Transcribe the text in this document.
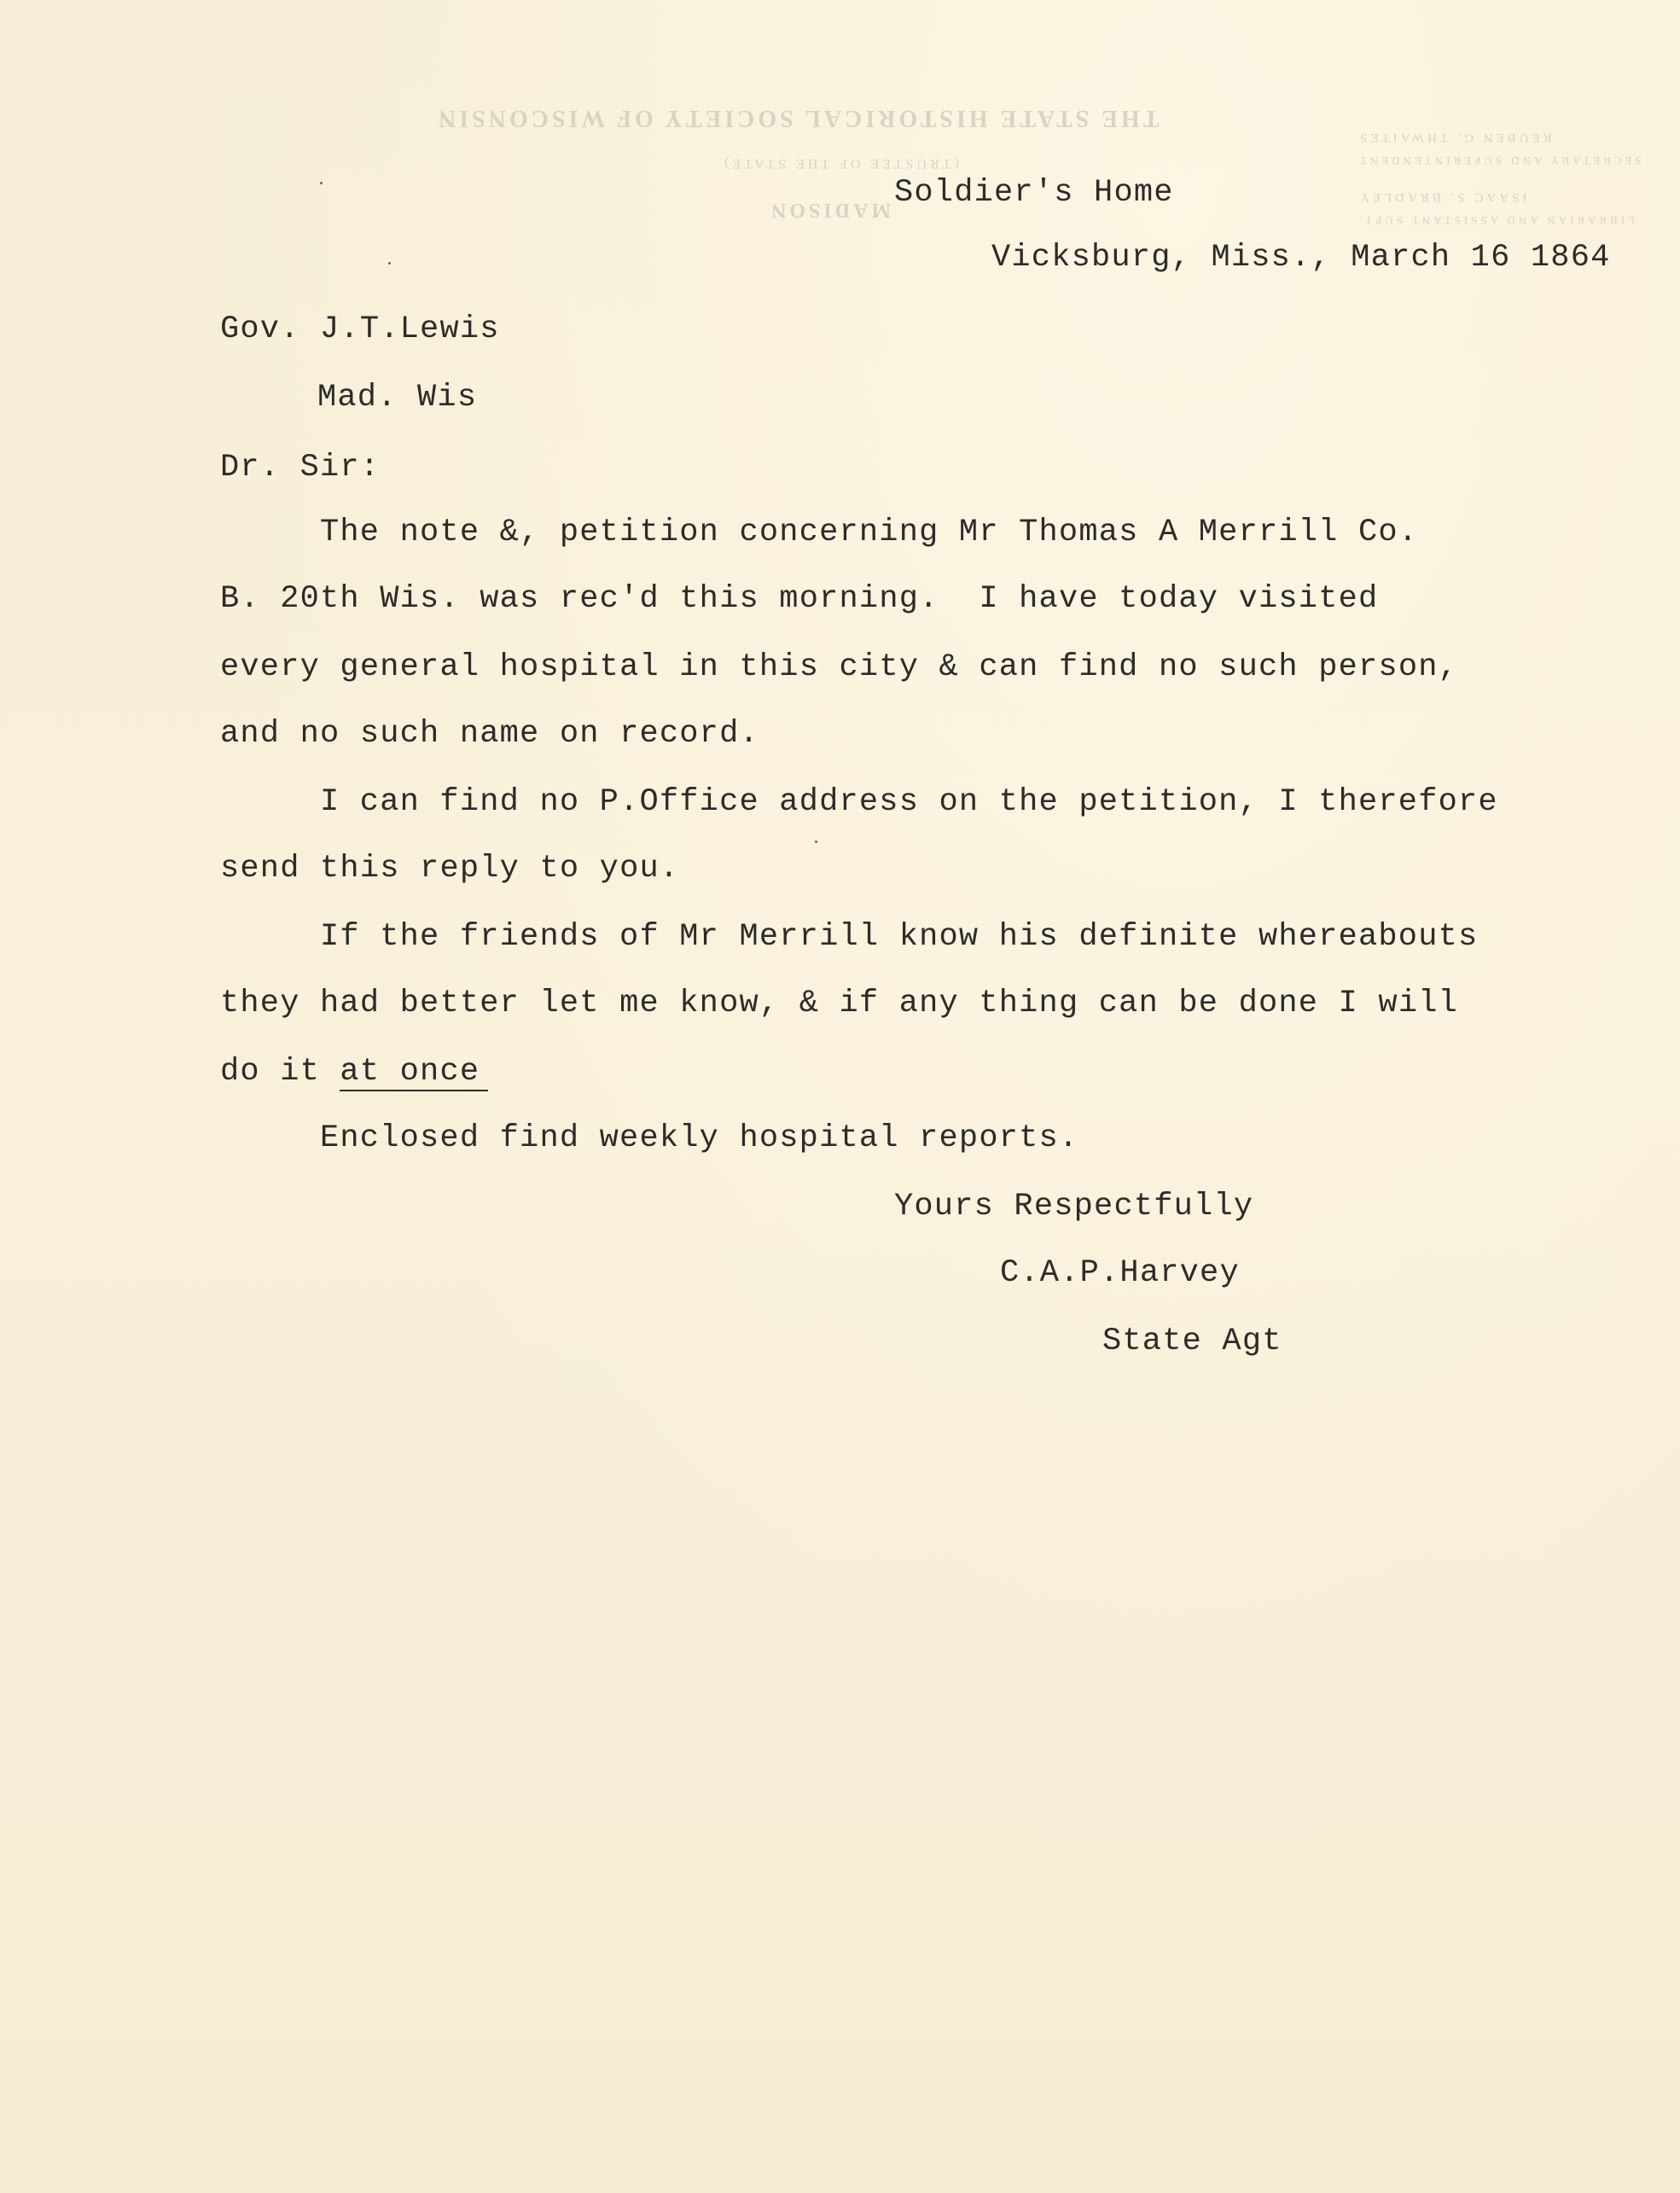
THE STATE HISTORICAL SOCIETY OF WISCONSIN
(TRUSTEE OF THE STATE)
MADISON
REUBEN G. THWAITES
SECRETARY AND SUPERINTENDENT
ISAAC S. BRADLEY
LIBRARIAN AND ASSISTANT SUPT.
Soldier's Home
Vicksburg, Miss., March 16 1864
Gov. J.T.Lewis
Mad. Wis
Dr. Sir:
The note &, petition concerning Mr Thomas A Merrill Co.
B. 20th Wis. was rec'd this morning.  I have today visited
every general hospital in this city & can find no such person,
and no such name on record.
I can find no P.Office address on the petition, I therefore
send this reply to you.
If the friends of Mr Merrill know his definite whereabouts
they had better let me know, & if any thing can be done I will
do it at once
Enclosed find weekly hospital reports.
Yours Respectfully
C.A.P.Harvey
State Agt
